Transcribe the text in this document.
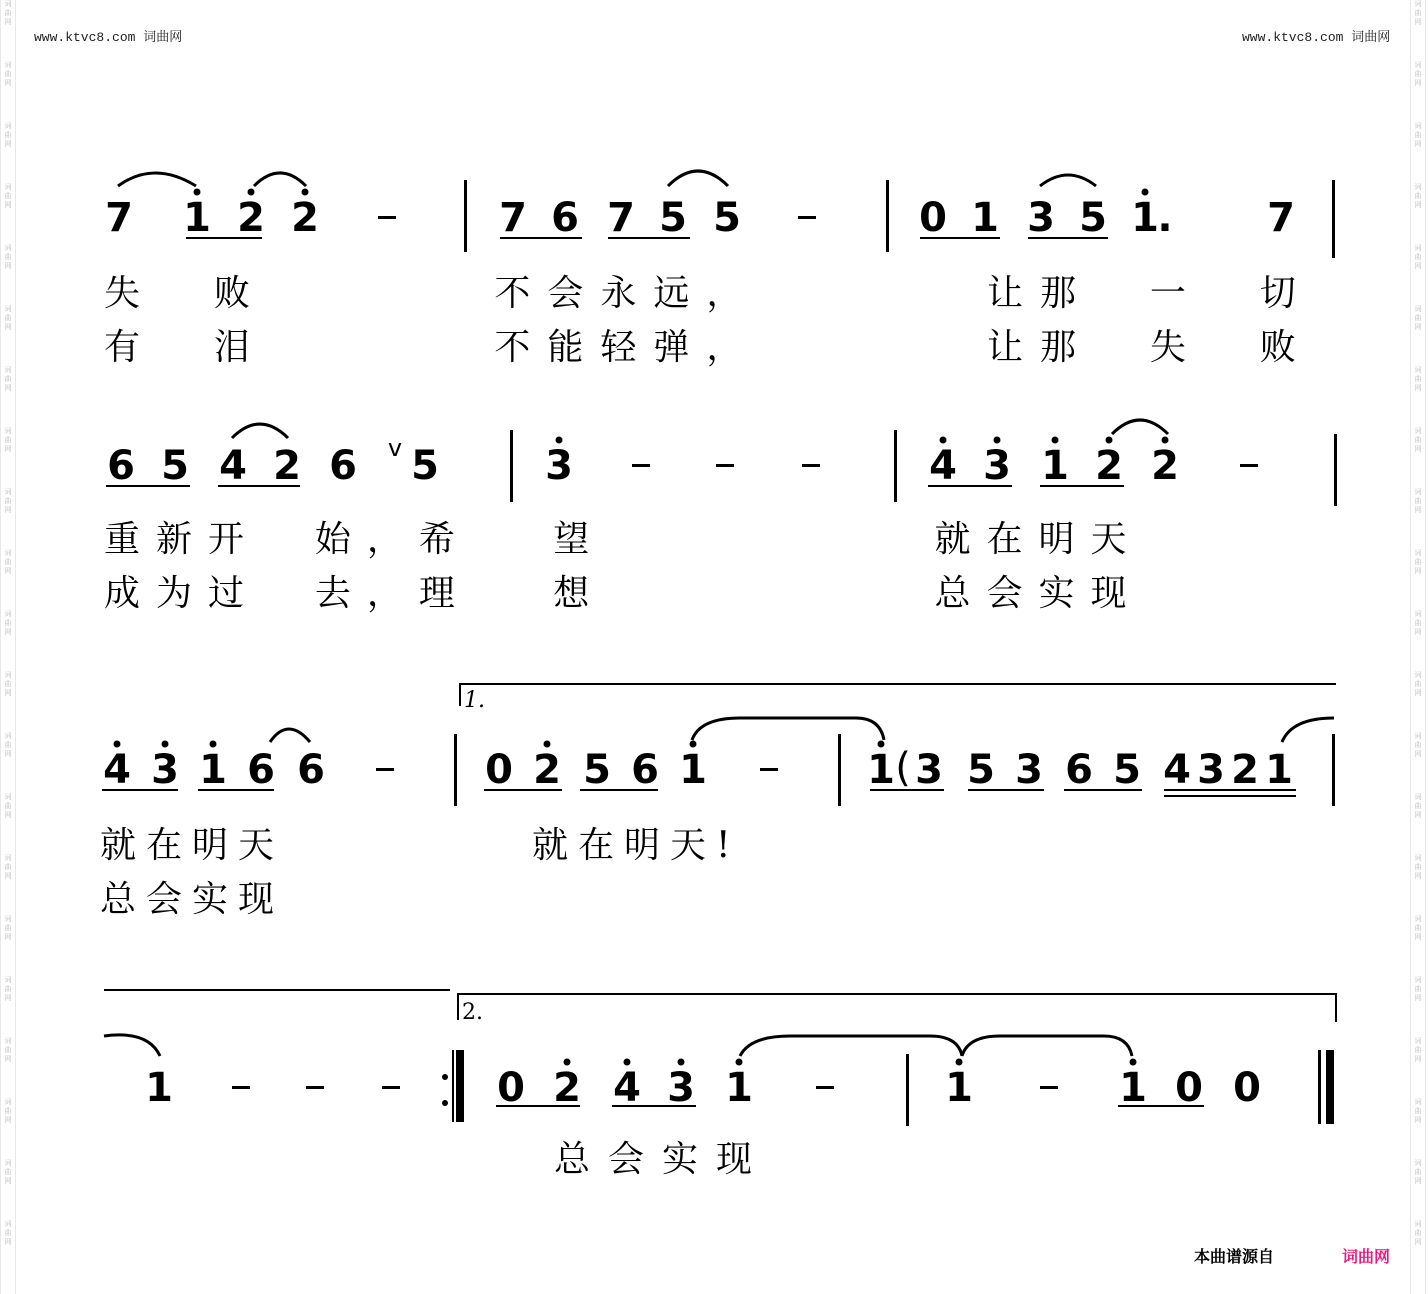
词
曲
网
词
曲
网
词
曲
网
词
曲
网
词
曲
网
词
曲
网
词
曲
网
词
曲
网
词
曲
网
词
曲
网
词
曲
网
词
曲
网
词
曲
网
词
曲
网
词
曲
网
词
曲
网
词
曲
网
词
曲
网
词
曲
网
词
曲
网
词
曲
网
词
曲
网
词
曲
网
词
曲
网
词
曲
网
词
曲
网
词
曲
网
词
曲
网
词
曲
网
词
曲
网
词
曲
网
词
曲
网
词
曲
网
词
曲
网
词
曲
网
词
曲
网
词
曲
网
词
曲
网
词
曲
网
词
曲
网
词
曲
网
词
曲
网
www.ktvc8.com 词曲网	www.ktvc8.com 词曲网
7 1 2 2	7 6 7 5 5	0 1 3 5 1
. 7
失  败        不会永远，        让那  一  切
有  泪        不能轻弹，        让那  失  败
6 5 4 2 6	v 5	3	4 3 1 2 2
重新开  始，希   望            就在明天
成为过  去，理   想            总会实现
1.
4 3 1 6 6	0 2 5 6 1	1 ( 3 5 3 6 5 4 3 2 1
就在明天	就在明天!
总会实现
2.
1	0 2 4 3 1	1	1 0 0
总会实现
本曲谱源自	词曲网
